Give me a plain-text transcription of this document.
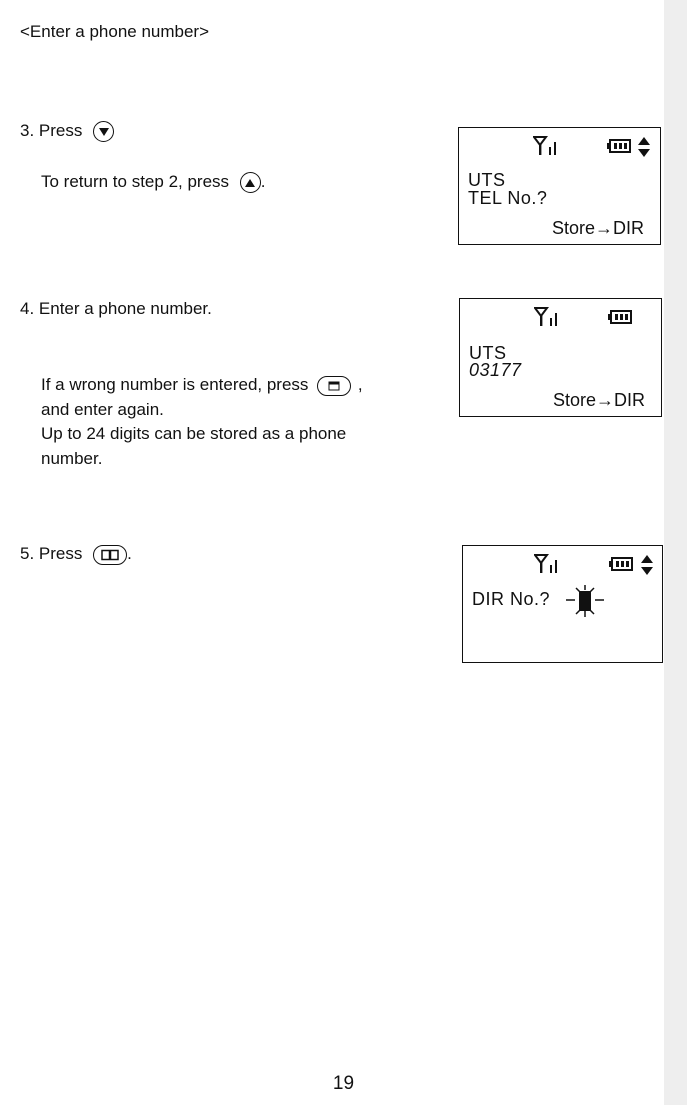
<Enter a phone number>
3. Press
To return to step 2, press .	UTS
TEL No.?
Store→DIR
4. Enter a phone number.
If a wrong number is entered, press	,
and enter again.
Up to 24 digits can be stored as a phone
number.
UTS
03177
Store→DIR
5. Press	.
DIR No.?
19
